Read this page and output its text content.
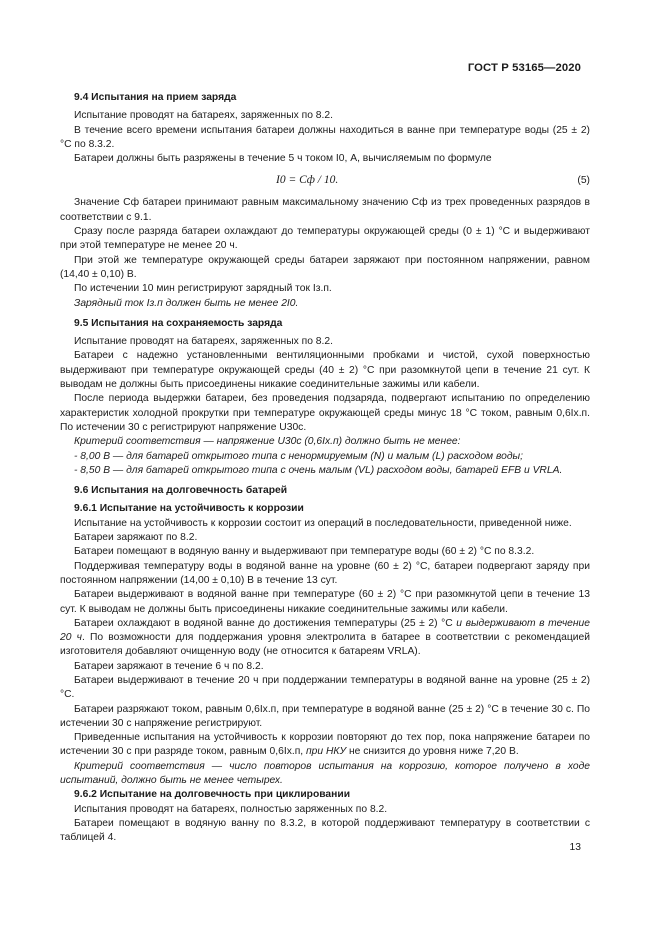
ГОСТ Р 53165—2020

9.4 Испытания на прием заряда

Испытание проводят на батареях, заряженных по 8.2.

В течение всего времени испытания батареи должны находиться в ванне при температуре воды (25 ± 2) °С по 8.3.2.

Батареи должны быть разряжены в течение 5 ч током I0, А, вычисляемым по формуле

I0 = Cф / 10.	(5)

Значение Сф батареи принимают равным максимальному значению Сф из трех проведенных разрядов в соответствии с 9.1.

Сразу после разряда батареи охлаждают до температуры окружающей среды (0 ± 1) °С и выдерживают при этой температуре не менее 20 ч.

При этой же температуре окружающей среды батареи заряжают при постоянном напряжении, равном (14,40 ± 0,10) В.

По истечении 10 мин регистрируют зарядный ток Iз.п.

Зарядный ток Iз.п должен быть не менее 2I0.

9.5 Испытания на сохраняемость заряда

Испытание проводят на батареях, заряженных по 8.2.

Батареи с надежно установленными вентиляционными пробками и чистой, сухой поверхностью выдерживают при температуре окружающей среды (40 ± 2) °С при разомкнутой цепи в течение 21 сут. К выводам не должны быть присоединены никакие соединительные зажимы или кабели.

После периода выдержки батареи, без проведения подзаряда, подвергают испытанию по определению характеристик холодной прокрутки при температуре окружающей среды минус 18 °С током, равным 0,6Iх.п. По истечении 30 с регистрируют напряжение U30с.

Критерий соответствия — напряжение U30с (0,6Iх.п) должно быть не менее:

- 8,00 В — для батарей открытого типа с ненормируемым (N) и малым (L) расходом воды;

- 8,50 В — для батарей открытого типа с очень малым (VL) расходом воды, батарей EFB и VRLA.

9.6 Испытания на долговечность батарей

9.6.1 Испытание на устойчивость к коррозии

Испытание на устойчивость к коррозии состоит из операций в последовательности, приведенной ниже.

Батареи заряжают по 8.2.

Батареи помещают в водяную ванну и выдерживают при температуре воды (60 ± 2) °С по 8.3.2.

Поддерживая температуру воды в водяной ванне на уровне (60 ± 2) °С, батареи подвергают заряду при постоянном напряжении (14,00 ± 0,10) В в течение 13 сут.

Батареи выдерживают в водяной ванне при температуре (60 ± 2) °С при разомкнутой цепи в течение 13 сут. К выводам не должны быть присоединены никакие соединительные зажимы или кабели.

Батареи охлаждают в водяной ванне до достижения температуры (25 ± 2) °С и выдерживают в течение 20 ч. По возможности для поддержания уровня электролита в батарее в соответствии с рекомендацией изготовителя добавляют очищенную воду (не относится к батареям VRLA).

Батареи заряжают в течение 6 ч по 8.2.

Батареи выдерживают в течение 20 ч при поддержании температуры в водяной ванне на уровне (25 ± 2) °С.

Батареи разряжают током, равным 0,6Iх.п, при температуре в водяной ванне (25 ± 2) °С в течение 30 с. По истечении 30 с напряжение регистрируют.

Приведенные испытания на устойчивость к коррозии повторяют до тех пор, пока напряжение батареи по истечении 30 с при разряде током, равным 0,6Iх.п, при НКУ не снизится до уровня ниже 7,20 В.

Критерий соответствия — число повторов испытания на коррозию, которое получено в ходе испытаний, должно быть не менее четырех.

9.6.2 Испытание на долговечность при циклировании

Испытания проводят на батареях, полностью заряженных по 8.2.

Батареи помещают в водяную ванну по 8.3.2, в которой поддерживают температуру в соответствии с таблицей 4.

13
